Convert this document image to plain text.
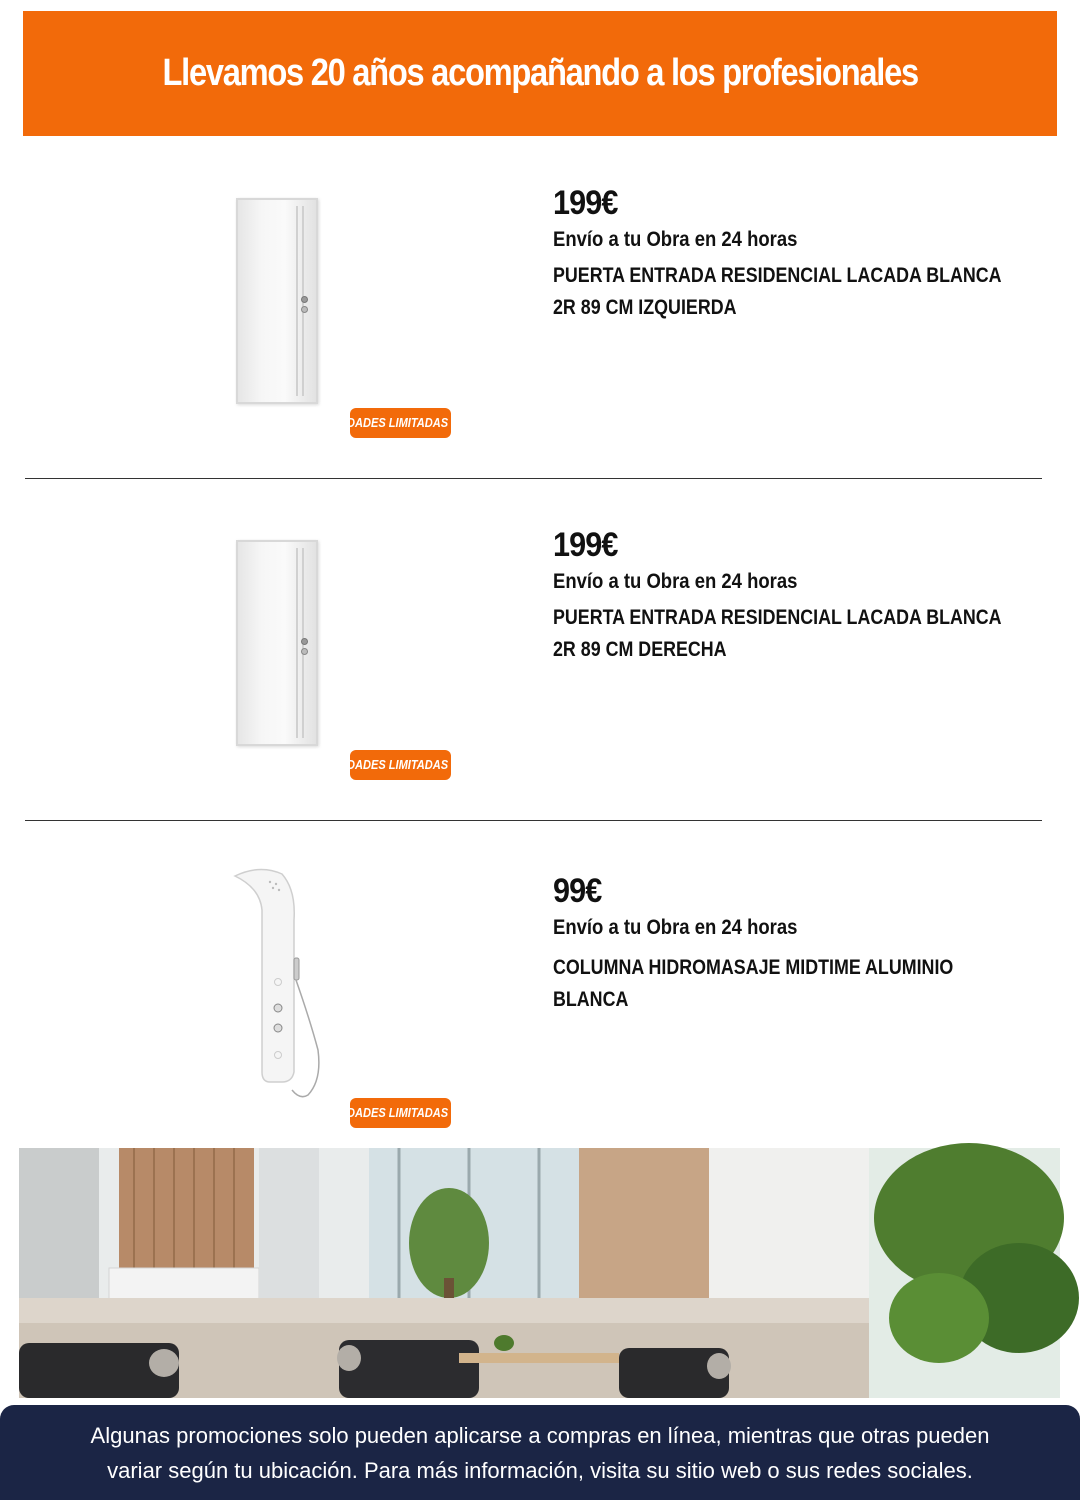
Llevamos 20 años acompañando a los profesionales
UNIDADES LIMITADAS
199€
Envío a tu Obra en 24 horas
PUERTA ENTRADA RESIDENCIAL LACADA BLANCA 2R 89 CM IZQUIERDA
UNIDADES LIMITADAS
199€
Envío a tu Obra en 24 horas
PUERTA ENTRADA RESIDENCIAL LACADA BLANCA 2R 89 CM DERECHA
UNIDADES LIMITADAS
99€
Envío a tu Obra en 24 horas
COLUMNA HIDROMASAJE MIDTIME ALUMINIO BLANCA

Algunas promociones solo pueden aplicarse a compras en línea, mientras que otras pueden variar según tu ubicación. Para más información, visita su sitio web o sus redes sociales.
